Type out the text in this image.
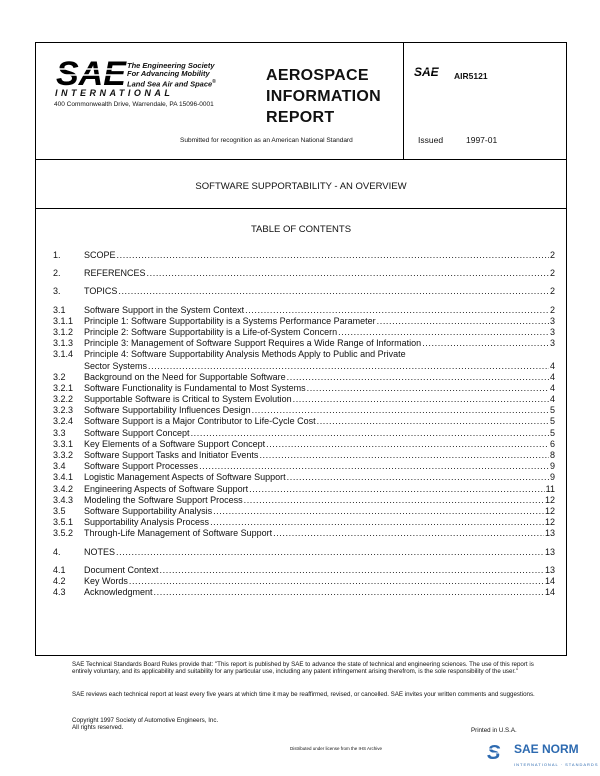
SAE The Engineering Society
For Advancing Mobility
Land Sea Air and Space®
INTERNATIONAL
400 Commonwealth Drive, Warrendale, PA 15096-0001
AEROSPACE
INFORMATION
REPORT
Submitted for recognition as an American National Standard
SAE AIR5121
Issued	1997-01
SOFTWARE SUPPORTABILITY - AN OVERVIEW
TABLE OF CONTENTS
1.	SCOPE .....	2
2.	REFERENCES .....	2
3.	TOPICS .....	2
3.1	Software Support in the System Context .....	2
3.1.1	Principle 1: Software Supportability is a Systems Performance Parameter .....	3
3.1.2	Principle 2: Software Supportability is a Life-of-System Concern .....	3
3.1.3	Principle 3: Management of Software Support Requires a Wide Range of Information .....	3
3.1.4	Principle 4: Software Supportability Analysis Methods Apply to Public and Private
Sector Systems .....	4
3.2	Background on the Need for Supportable Software .....	4
3.2.1	Software Functionality is Fundamental to Most Systems .....	4
3.2.2	Supportable Software is Critical to System Evolution .....	4
3.2.3	Software Supportability Influences Design .....	5
3.2.4	Software Support is a Major Contributor to Life-Cycle Cost .....	5
3.3	Software Support Concept .....	5
3.3.1	Key Elements of a Software Support Concept .....	6
3.3.2	Software Support Tasks and Initiator Events .....	8
3.4	Software Support Processes .....	9
3.4.1	Logistic Management Aspects of Software Support .....	9
3.4.2	Engineering Aspects of Software Support .....	11
3.4.3	Modeling the Software Support Process .....	12
3.5	Software Supportability Analysis .....	12
3.5.1	Supportability Analysis Process .....	12
3.5.2	Through-Life Management of Software Support .....	13
4.	NOTES .....	13
4.1	Document Context .....	13
4.2	Key Words .....	14
4.3	Acknowledgment .....	14
SAE Technical Standards Board Rules provide that: "This report is published by SAE to advance the state of technical and engineering sciences. The use of this report is entirely voluntary, and its applicability and suitability for any particular use, including any patent infringement arising therefrom, is the sole responsibility of the user."
SAE reviews each technical report at least every five years at which time it may be reaffirmed, revised, or cancelled. SAE invites your written comments and suggestions.
Copyright 1997 Society of Automotive Engineers, Inc.
All rights reserved.	Printed in U.S.A.
Distributed under license from the IHS Archive	S SAE NORM
INTERNATIONAL · STANDARDS
